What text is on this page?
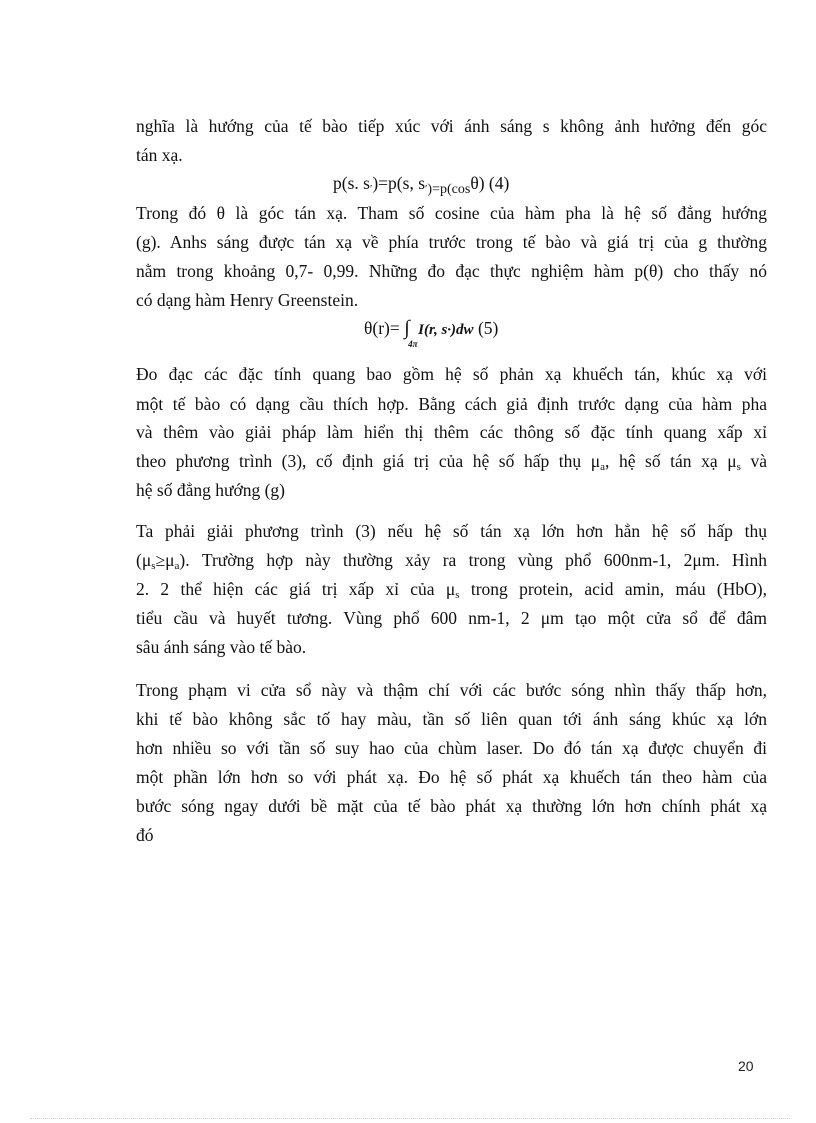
nghĩa là hướng của tế bào tiếp xúc với ánh sáng s không ảnh hưởng đến góc
tán xạ.
p(s. $s')=p(s$, $s_{')=p(cos}\theta$) (4)
Trong đó θ là góc tán xạ. Tham số cosine của hàm pha là hệ số đẳng hướng
(g). Anhs sáng được tán xạ về phía trước trong tế bào và giá trị của g thường
nằm trong khoảng 0,7- 0,99. Những đo đạc thực nghiệm hàm p(θ) cho thấy nó
có dạng hàm Henry Greenstein.
θ(r)= ∫
4π
I(r, s·)dw (5)
Đo đạc các đặc tính quang bao gồm hệ số phản xạ khuếch tán, khúc xạ với
một tế bào có dạng cầu thích hợp. Bằng cách giả định trước dạng của hàm pha
và thêm vào giải pháp làm hiển thị thêm các thông số đặc tính quang xấp xỉ
theo phương trình (3), cố định giá trị của hệ số hấp thụ $\mu_a$, hệ số tán xạ $\mu_s$ và
hệ số đẳng hướng (g)
Ta phải giải phương trình (3) nếu hệ số tán xạ lớn hơn hẳn hệ số hấp thụ
$(\mu_s\ge\mu_a)$. Trường hợp này thường xảy ra trong vùng phổ 600nm-1, 2μm. Hình
2. 2 thể hiện các giá trị xấp xỉ của $\mu_s$ trong protein, acid amin, máu (HbO),
tiểu cầu và huyết tương. Vùng phổ 600 nm-1, 2 μm tạo một cửa sổ để đâm
sâu ánh sáng vào tế bào.
Trong phạm vi cửa sổ này và thậm chí với các bước sóng nhìn thấy thấp hơn,
khi tế bào không sắc tố hay màu, tần số liên quan tới ánh sáng khúc xạ lớn
hơn nhiều so với tần số suy hao của chùm laser. Do đó tán xạ được chuyển đi
một phần lớn hơn so với phát xạ. Đo hệ số phát xạ khuếch tán theo hàm của
bước sóng ngay dưới bề mặt của tế bào phát xạ thường lớn hơn chính phát xạ
đó
20
